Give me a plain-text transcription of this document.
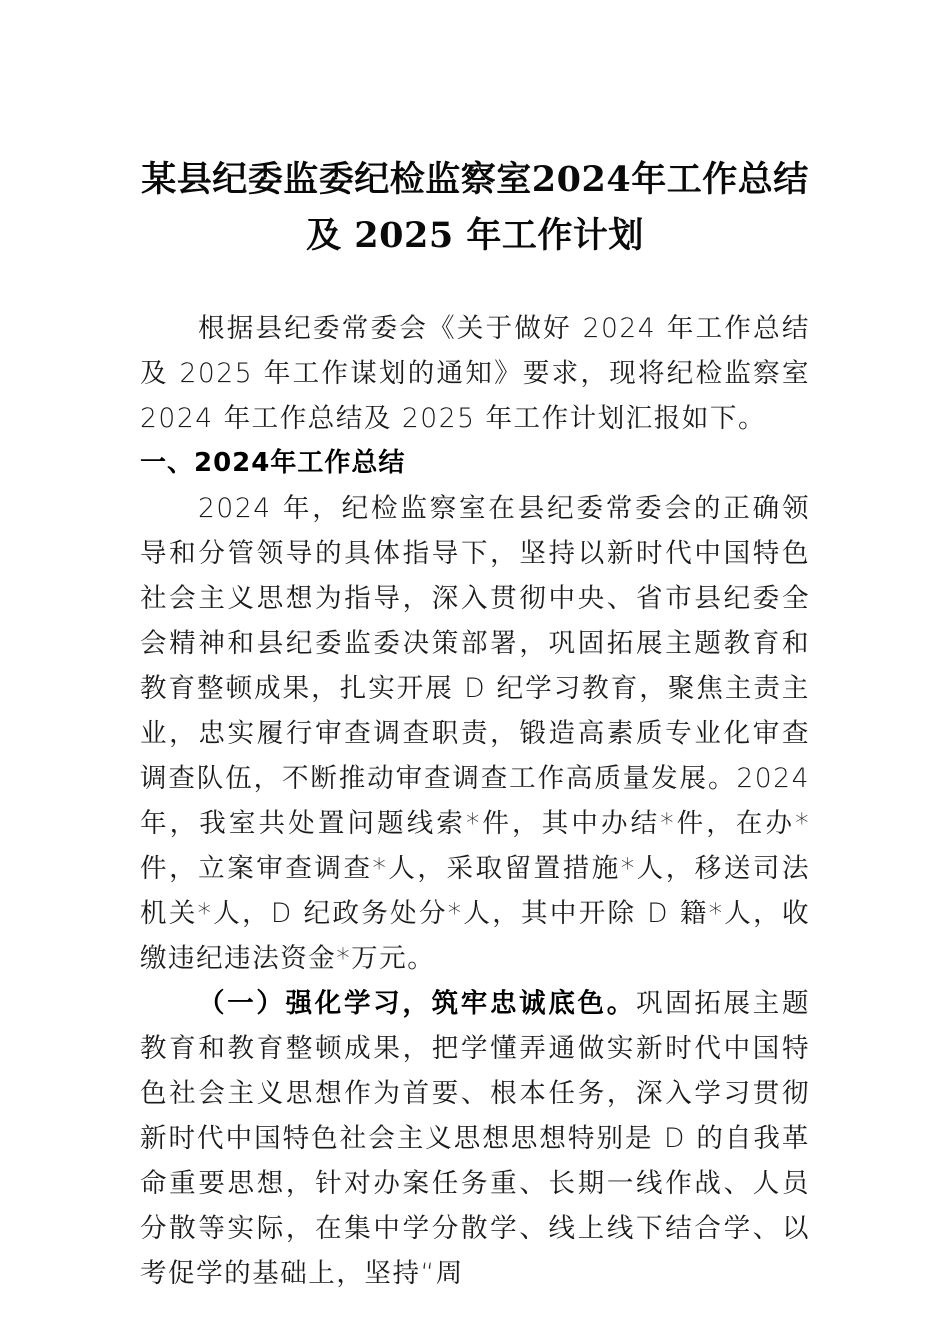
某县纪委监委纪检监察室2024年工作总结
及 2025 年工作计划

根据县纪委常委会《关于做好 2024 年工作总结及 2025 年工作谋划的通知》要求，现将纪检监察室 2024 年工作总结及 2025 年工作计划汇报如下。

一、2024年工作总结

2024 年，纪检监察室在县纪委常委会的正确领导和分管领导的具体指导下，坚持以新时代中国特色社会主义思想为指导，深入贯彻中央、省市县纪委全会精神和县纪委监委决策部署，巩固拓展主题教育和教育整顿成果，扎实开展 D 纪学习教育，聚焦主责主业，忠实履行审查调查职责，锻造高素质专业化审查调查队伍，不断推动审查调查工作高质量发展。2024 年，我室共处置问题线索*件，其中办结*件，在办*件，立案审查调查*人，采取留置措施*人，移送司法机关*人，D 纪政务处分*人，其中开除 D 籍*人，收缴违纪违法资金*万元。

（一）强化学习，筑牢忠诚底色。巩固拓展主题教育和教育整顿成果，把学懂弄通做实新时代中国特色社会主义思想作为首要、根本任务，深入学习贯彻新时代中国特色社会主义思想思想特别是 D 的自我革命重要思想，针对办案任务重、长期一线作战、人员分散等实际，在集中学分散学、线上线下结合学、以考促学的基础上，坚持“周
